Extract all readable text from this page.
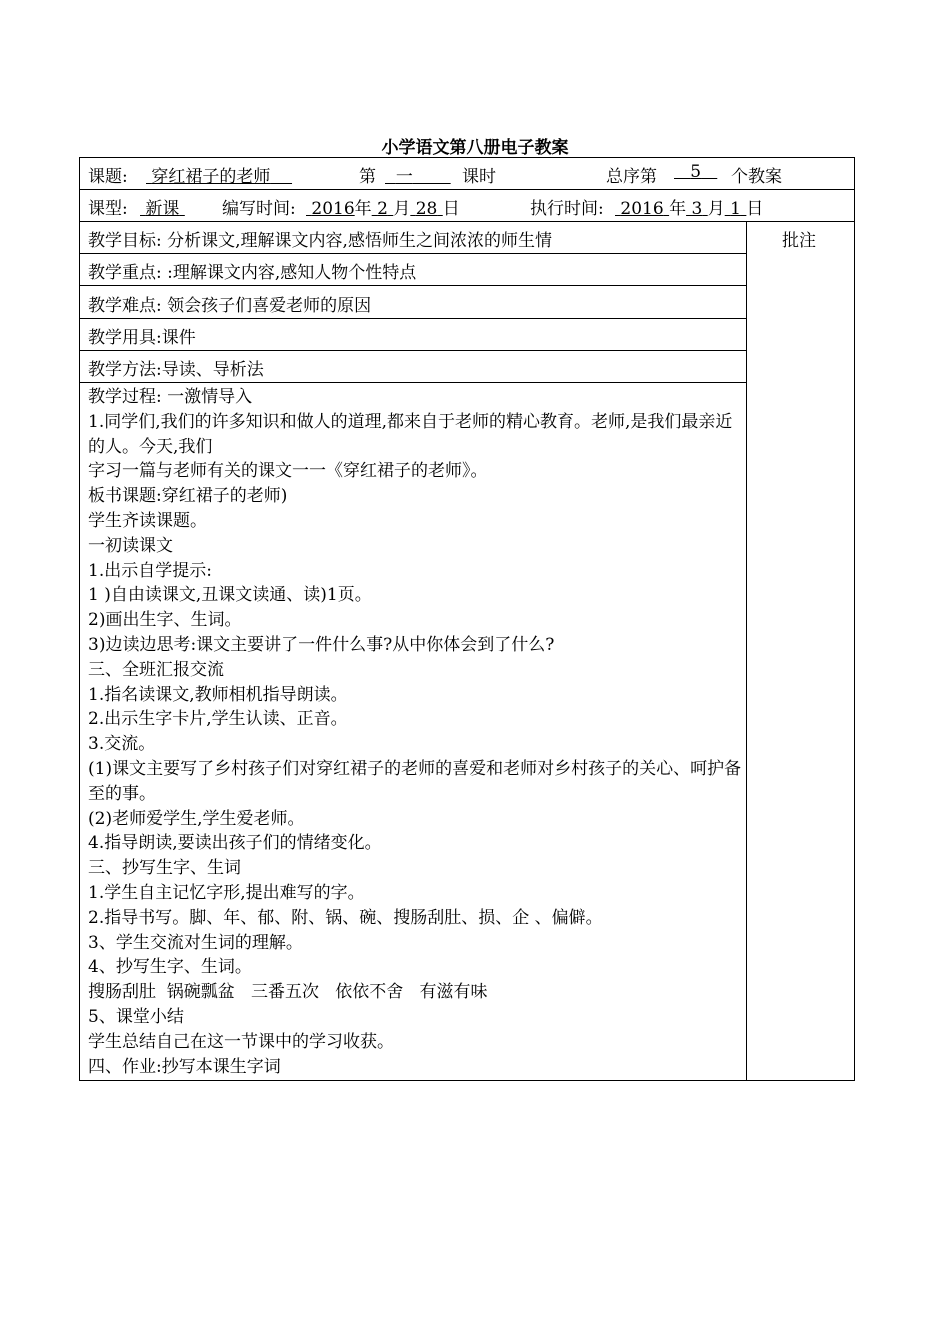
小学语文第八册电子教案
课题:	穿红裙子的老师	第	一	课时	总序第	5	个教案
课型:	新课	编写时间: 2016年 2 月 28 日	执行时间: 2016 年 3 月 1 日
批注
教学目标: 分析课文,理解课文内容,感悟师生之间浓浓的师生情
教学重点: :理解课文内容,感知人物个性特点
教学难点: 领会孩子们喜爱老师的原因
教学用具:课件
教学方法:导读、导析法
教学过程: 一激情导入
1.同学们,我们的许多知识和做人的道理,都来自于老师的精心教育。老师,是我们最亲近的人。今天,我们
字习一篇与老师有关的课文一一《穿红裙子的老师》。
板书课题:穿红裙子的老师)
学生齐读课题。
一初读课文
1.出示自学提示:
1 )自由读课文,丑课文读通、读)1页。
2)画出生字、生词。
3)边读边思考:课文主要讲了一件什么事?从中你体会到了什么?
三、全班汇报交流
1.指名读课文,教师相机指导朗读。
2.出示生字卡片,学生认读、正音。
3.交流。
(1)课文主要写了乡村孩子们对穿红裙子的老师的喜爱和老师对乡村孩子的关心、呵护备至的事。
(2)老师爱学生,学生爱老师。
4.指导朗读,要读出孩子们的情绪变化。
三、抄写生字、生词
1.学生自主记忆字形,提出难写的字。
2.指导书写。脚、年、郁、附、锅、碗、搜肠刮肚、损、企 、偏僻。
3、学生交流对生词的理解。
4、抄写生字、生词。
搜肠刮肚  锅碗瓢盆   三番五次   依依不舍   有滋有味
5、课堂小结
学生总结自己在这一节课中的学习收获。
四、作业:抄写本课生字词
